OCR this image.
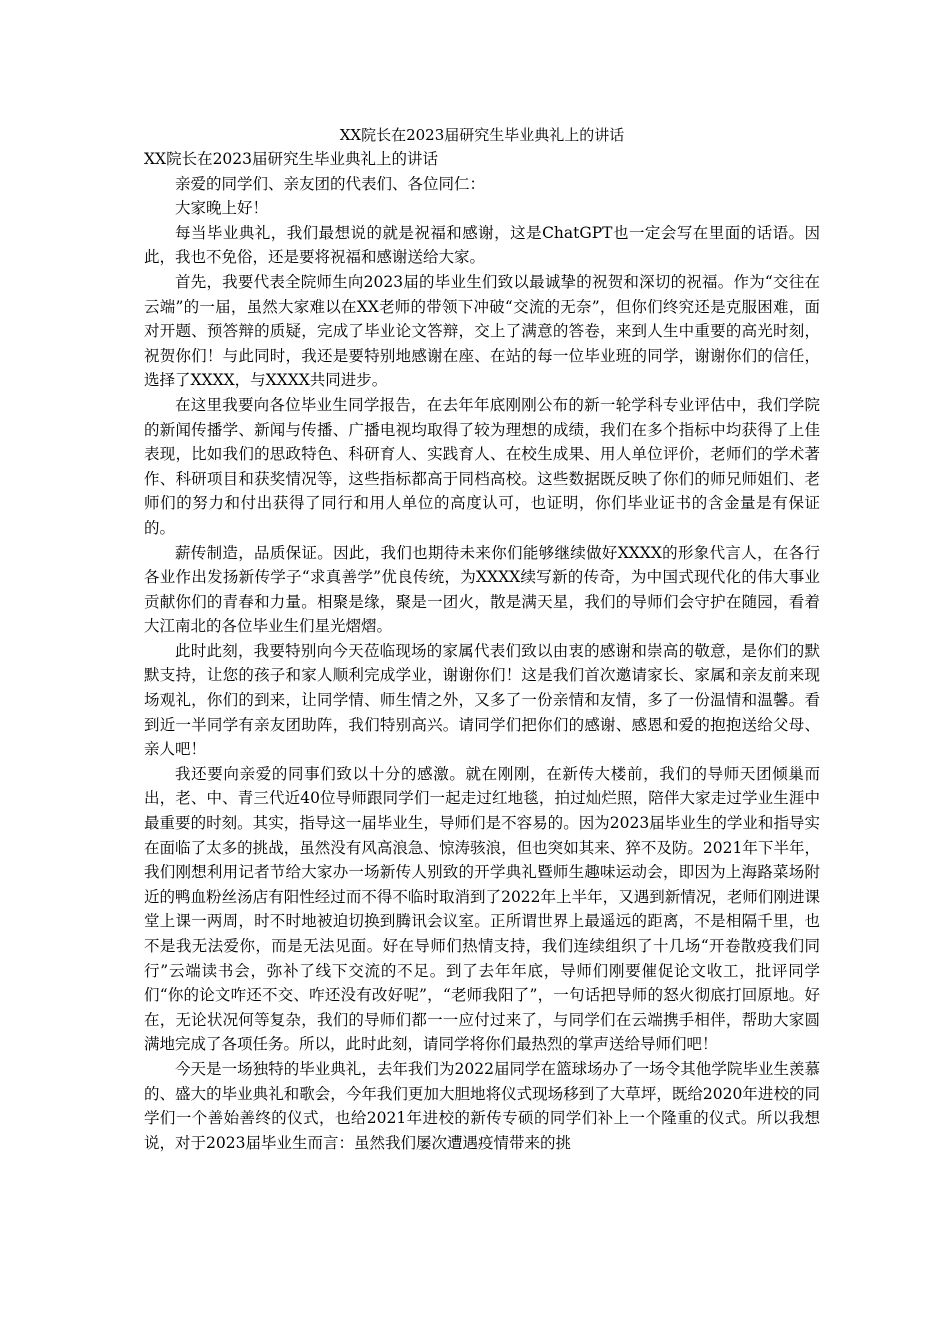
XX院长在2023届研究生毕业典礼上的讲话

XX院长在2023届研究生毕业典礼上的讲话

亲爱的同学们、亲友团的代表们、各位同仁：

大家晚上好！

每当毕业典礼，我们最想说的就是祝福和感谢，这是ChatGPT也一定会写在里面的话语。因此，我也不免俗，还是要将祝福和感谢送给大家。

首先，我要代表全院师生向2023届的毕业生们致以最诚挚的祝贺和深切的祝福。作为“交往在云端”的一届，虽然大家难以在XX老师的带领下冲破“交流的无奈”，但你们终究还是克服困难，面对开题、预答辩的质疑，完成了毕业论文答辩，交上了满意的答卷，来到人生中重要的高光时刻，祝贺你们！与此同时，我还是要特别地感谢在座、在站的每一位毕业班的同学，谢谢你们的信任，选择了XXXX，与XXXX共同进步。

在这里我要向各位毕业生同学报告，在去年年底刚刚公布的新一轮学科专业评估中，我们学院的新闻传播学、新闻与传播、广播电视均取得了较为理想的成绩，我们在多个指标中均获得了上佳表现，比如我们的思政特色、科研育人、实践育人、在校生成果、用人单位评价，老师们的学术著作、科研项目和获奖情况等，这些指标都高于同档高校。这些数据既反映了你们的师兄师姐们、老师们的努力和付出获得了同行和用人单位的高度认可，也证明，你们毕业证书的含金量是有保证的。

薪传制造，品质保证。因此，我们也期待未来你们能够继续做好XXXX的形象代言人，在各行各业作出发扬新传学子“求真善学”优良传统，为XXXX续写新的传奇，为中国式现代化的伟大事业贡献你们的青春和力量。相聚是缘，聚是一团火，散是满天星，我们的导师们会守护在随园，看着大江南北的各位毕业生们星光熠熠。

此时此刻，我要特别向今天莅临现场的家属代表们致以由衷的感谢和崇高的敬意，是你们的默默支持，让您的孩子和家人顺利完成学业，谢谢你们！这是我们首次邀请家长、家属和亲友前来现场观礼，你们的到来，让同学情、师生情之外，又多了一份亲情和友情，多了一份温情和温馨。看到近一半同学有亲友团助阵，我们特别高兴。请同学们把你们的感谢、感恩和爱的抱抱送给父母、亲人吧！

我还要向亲爱的同事们致以十分的感激。就在刚刚，在新传大楼前，我们的导师天团倾巢而出，老、中、青三代近40位导师跟同学们一起走过红地毯，拍过灿烂照，陪伴大家走过学业生涯中最重要的时刻。其实，指导这一届毕业生，导师们是不容易的。因为2023届毕业生的学业和指导实在面临了太多的挑战，虽然没有风高浪急、惊涛骇浪，但也突如其来、猝不及防。2021年下半年，我们刚想利用记者节给大家办一场新传人别致的开学典礼暨师生趣味运动会，即因为上海路菜场附近的鸭血粉丝汤店有阳性经过而不得不临时取消到了2022年上半年，又遇到新情况，老师们刚进课堂上课一两周，时不时地被迫切换到腾讯会议室。正所谓世界上最遥远的距离，不是相隔千里，也不是我无法爱你，而是无法见面。好在导师们热情支持，我们连续组织了十几场“开卷散疫我们同行”云端读书会，弥补了线下交流的不足。到了去年年底，导师们刚要催促论文收工，批评同学们“你的论文咋还不交、咋还没有改好呢”，“老师我阳了”，一句话把导师的怒火彻底打回原地。好在，无论状况何等复杂，我们的导师们都一一应付过来了，与同学们在云端携手相伴，帮助大家圆满地完成了各项任务。所以，此时此刻，请同学将你们最热烈的掌声送给导师们吧！

今天是一场独特的毕业典礼，去年我们为2022届同学在篮球场办了一场令其他学院毕业生羡慕的、盛大的毕业典礼和歌会，今年我们更加大胆地将仪式现场移到了大草坪，既给2020年进校的同学们一个善始善终的仪式，也给2021年进校的新传专硕的同学们补上一个隆重的仪式。所以我想说，对于2023届毕业生而言：虽然我们屡次遭遇疫情带来的挑
